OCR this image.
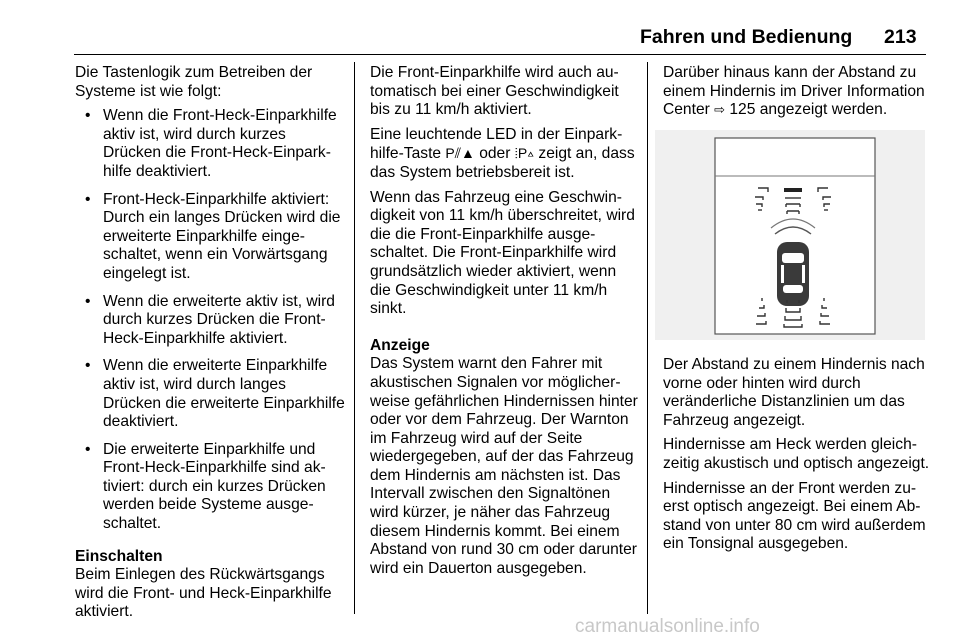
Fahren und Bedienung 213

Die Tastenlogik zum Betreiben der Systeme ist wie folgt:

• Wenn die Front-Heck-Einparkhilfe aktiv ist, wird durch kurzes Drücken die Front-Heck-Einparkhilfe deaktiviert.
• Front-Heck-Einparkhilfe aktiviert: Durch ein langes Drücken wird die erweiterte Einparkhilfe eingeschaltet, wenn ein Vorwärtsgang eingelegt ist.
• Wenn die erweiterte aktiv ist, wird durch kurzes Drücken die Front-Heck-Einparkhilfe aktiviert.
• Wenn die erweiterte Einparkhilfe aktiv ist, wird durch langes Drücken die erweiterte Einparkhilfe deaktiviert.
• Die erweiterte Einparkhilfe und Front-Heck-Einparkhilfe sind aktiviert: durch ein kurzes Drücken werden beide Systeme ausgeschaltet.

Einschalten

Beim Einlegen des Rückwärtsgangs wird die Front- und Heck-Einparkhilfe aktiviert.

Die Front-Einparkhilfe wird auch automatisch bei einer Geschwindigkeit bis zu 11 km/h aktiviert.

Eine leuchtende LED in der Einparkhilfe-Taste P⫽▲ oder ⦙P▵ zeigt an, dass das System betriebsbereit ist.

Wenn das Fahrzeug eine Geschwindigkeit von 11 km/h überschreitet, wird die die Front-Einparkhilfe ausgeschaltet. Die Front-Einparkhilfe wird grundsätzlich wieder aktiviert, wenn die Geschwindigkeit unter 11 km/h sinkt.

Anzeige

Das System warnt den Fahrer mit akustischen Signalen vor möglicherweise gefährlichen Hindernissen hinter oder vor dem Fahrzeug. Der Warnton im Fahrzeug wird auf der Seite wiedergegeben, auf der das Fahrzeug dem Hindernis am nächsten ist. Das Intervall zwischen den Signaltönen wird kürzer, je näher das Fahrzeug diesem Hindernis kommt. Bei einem Abstand von rund 30 cm oder darunter wird ein Dauerton ausgegeben.

Darüber hinaus kann der Abstand zu einem Hindernis im Driver Information Center ⇨ 125 angezeigt werden.

Der Abstand zu einem Hindernis nach vorne oder hinten wird durch veränderliche Distanzlinien um das Fahrzeug angezeigt.

Hindernisse am Heck werden gleichzeitig akustisch und optisch angezeigt.

Hindernisse an der Front werden zuerst optisch angezeigt. Bei einem Abstand von unter 80 cm wird außerdem ein Tonsignal ausgegeben.

carmanualsonline.info
